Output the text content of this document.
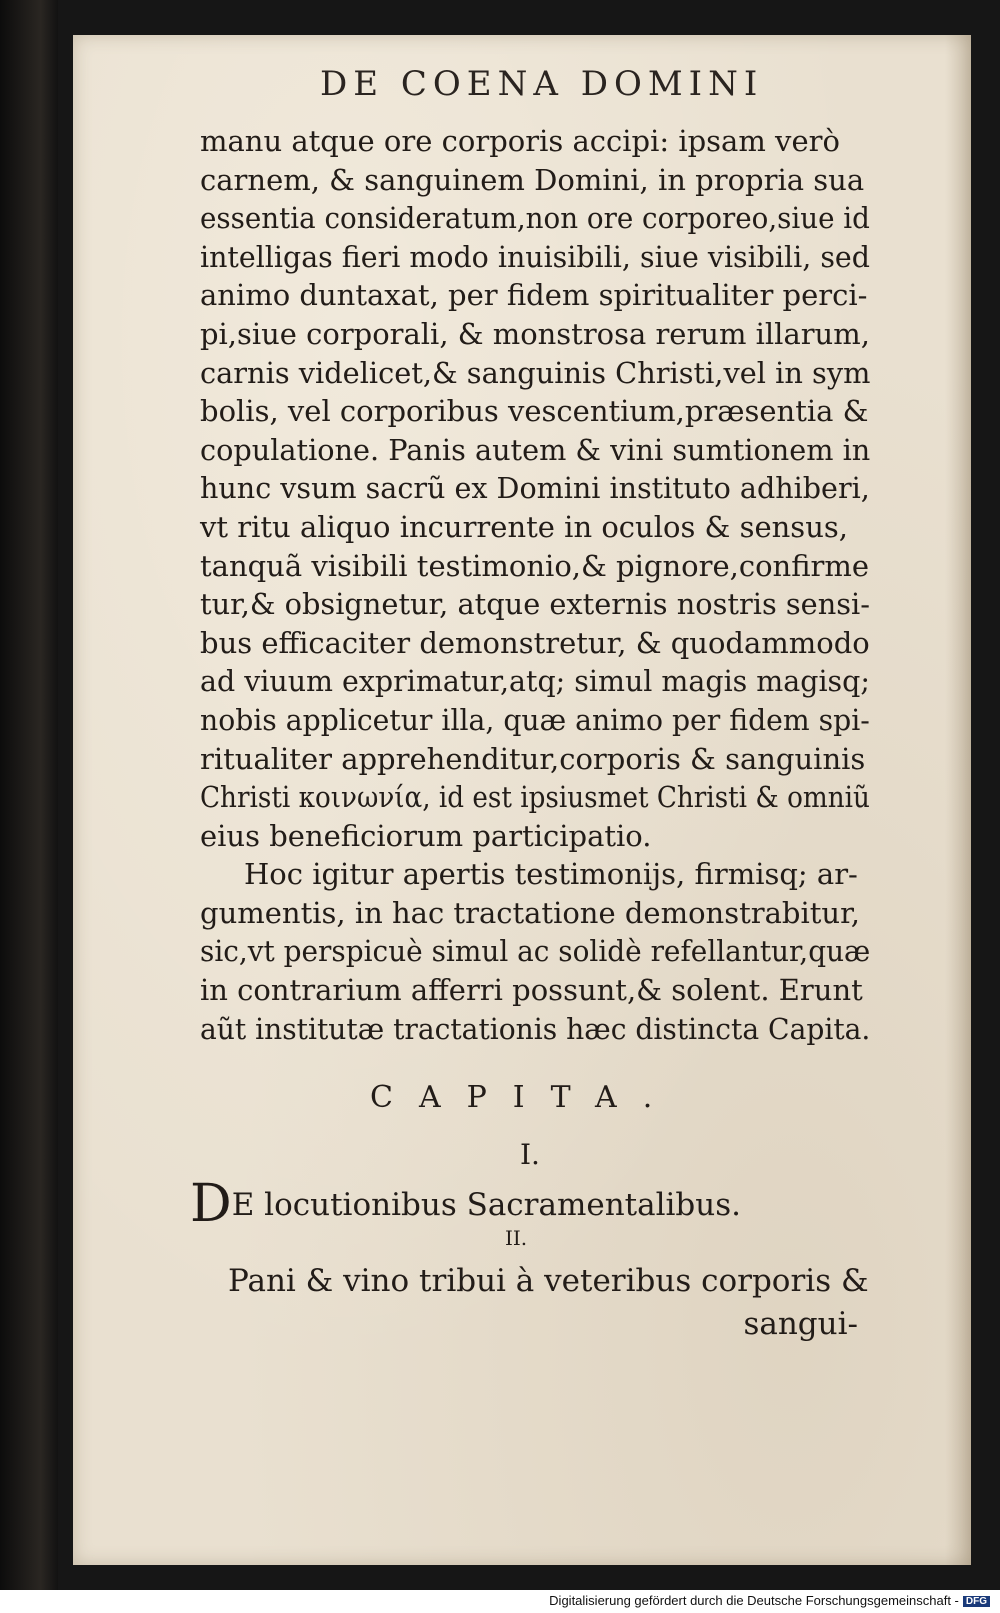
DE COENA DOMINI
manu atque ore corporis accipi: ipsam verò
carnem, & sanguinem Domini, in propria sua
essentia consideratum,non ore corporeo,siue id
intelligas fieri modo inuisibili, siue visibili, sed
animo duntaxat, per fidem spiritualiter perci-
pi,siue corporali, & monstrosa rerum illarum,
carnis videlicet,& sanguinis Christi,vel in sym
bolis, vel corporibus vescentium,præsentia &
copulatione. Panis autem & vini sumtionem in
hunc vsum sacrũ ex Domini instituto adhiberi,
vt ritu aliquo incurrente in oculos & sensus,
tanquã visibili testimonio,& pignore,confirme
tur,& obsignetur, atque externis nostris sensi-
bus efficaciter demonstretur, & quodammodo
ad viuum exprimatur,atq; simul magis magisq;
nobis applicetur illa, quæ animo per fidem spi-
ritualiter apprehenditur,corporis & sanguinis
Christi κοινωνία, id est ipsiusmet Christi & omniũ
eius beneficiorum participatio.
Hoc igitur apertis testimonijs, firmisq; ar-
gumentis, in hac tractatione demonstrabitur,
sic,vt perspicuè simul ac solidè refellantur,quæ
in contrarium afferri possunt,& solent. Erunt
aũt institutæ tractationis hæc distincta Capita.
CAPITA.
I.
DE locutionibus Sacramentalibus.
II.
Pani & vino tribui à veteribus corporis &
sangui-
Digitalisierung gefördert durch die Deutsche Forschungsgemeinschaft - DFG
